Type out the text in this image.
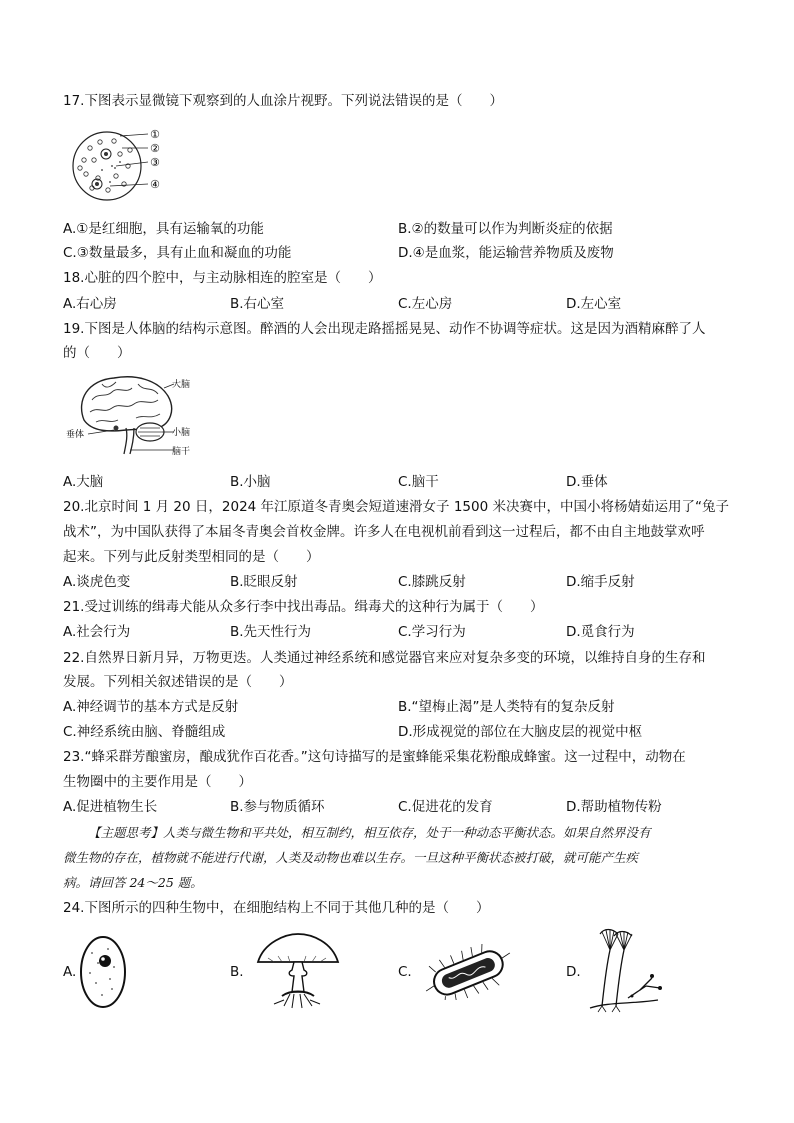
17.下图表示显微镜下观察到的人血涂片视野。下列说法错误的是（　　）
①
②
③
④
A.①是红细胞，具有运输氧的功能	B.②的数量可以作为判断炎症的依据
C.③数量最多，具有止血和凝血的功能	D.④是血浆，能运输营养物质及废物
18.心脏的四个腔中，与主动脉相连的腔室是（　　）
A.右心房	B.右心室	C.左心房	D.左心室
19.下图是人体脑的结构示意图。醉酒的人会出现走路摇摇晃晃、动作不协调等症状。这是因为酒精麻醉了人
的（　　）
大脑
小脑
脑干
垂体
A.大脑	B.小脑	C.脑干	D.垂体
20.北京时间 1 月 20 日，2024 年江原道冬青奥会短道速滑女子 1500 米决赛中，中国小将杨婧茹运用了“兔子
战术”，为中国队获得了本届冬青奥会首枚金牌。许多人在电视机前看到这一过程后，都不由自主地鼓掌欢呼
起来。下列与此反射类型相同的是（　　）
A.谈虎色变	B.眨眼反射	C.膝跳反射	D.缩手反射
21.受过训练的缉毒犬能从众多行李中找出毒品。缉毒犬的这种行为属于（　　）
A.社会行为	B.先天性行为	C.学习行为	D.觅食行为
22.自然界日新月异，万物更迭。人类通过神经系统和感觉器官来应对复杂多变的环境，以维持自身的生存和
发展。下列相关叙述错误的是（　　）
A.神经调节的基本方式是反射	B.“望梅止渴”是人类特有的复杂反射
C.神经系统由脑、脊髓组成	D.形成视觉的部位在大脑皮层的视觉中枢
23.“蜂采群芳酿蜜房，酿成犹作百花香。”这句诗描写的是蜜蜂能采集花粉酿成蜂蜜。这一过程中，动物在
生物圈中的主要作用是（　　）
A.促进植物生长	B.参与物质循环	C.促进花的发育	D.帮助植物传粉
【主题思考】人类与微生物和平共处，相互制约，相互依存，处于一种动态平衡状态。如果自然界没有
微生物的存在，植物就不能进行代谢，人类及动物也难以生存。一旦这种平衡状态被打破，就可能产生疾
病。请回答 24～25 题。
24.下图所示的四种生物中，在细胞结构上不同于其他几种的是（　　）
A.	B.	C.	D.
